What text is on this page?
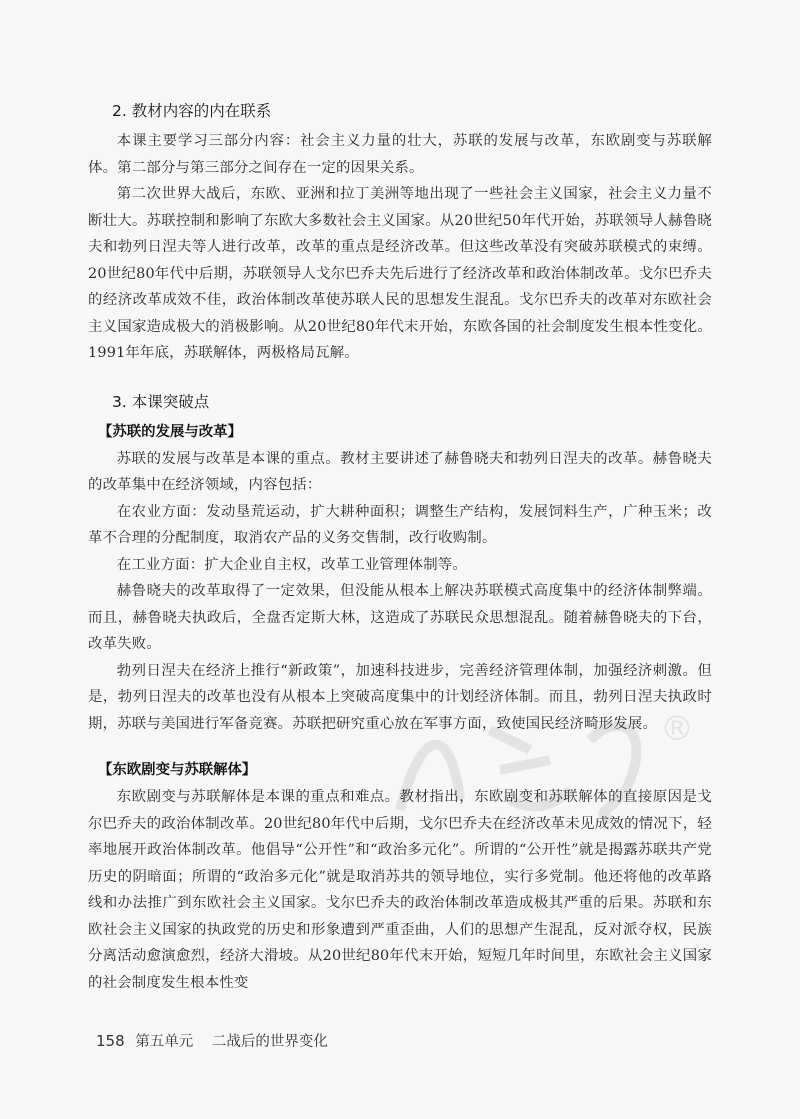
®
2. 教材内容的内在联系

本课主要学习三部分内容：社会主义力量的壮大，苏联的发展与改革，东欧剧变与苏联解体。第二部分与第三部分之间存在一定的因果关系。

第二次世界大战后，东欧、亚洲和拉丁美洲等地出现了一些社会主义国家，社会主义力量不断壮大。苏联控制和影响了东欧大多数社会主义国家。从20世纪50年代开始，苏联领导人赫鲁晓夫和勃列日涅夫等人进行改革，改革的重点是经济改革。但这些改革没有突破苏联模式的束缚。20世纪80年代中后期，苏联领导人戈尔巴乔夫先后进行了经济改革和政治体制改革。戈尔巴乔夫的经济改革成效不佳，政治体制改革使苏联人民的思想发生混乱。戈尔巴乔夫的改革对东欧社会主义国家造成极大的消极影响。从20世纪80年代末开始，东欧各国的社会制度发生根本性变化。1991年年底，苏联解体，两极格局瓦解。

3. 本课突破点
【苏联的发展与改革】

苏联的发展与改革是本课的重点。教材主要讲述了赫鲁晓夫和勃列日涅夫的改革。赫鲁晓夫的改革集中在经济领域，内容包括：

在农业方面：发动垦荒运动，扩大耕种面积；调整生产结构，发展饲料生产，广种玉米；改革不合理的分配制度，取消农产品的义务交售制，改行收购制。

在工业方面：扩大企业自主权，改革工业管理体制等。

赫鲁晓夫的改革取得了一定效果，但没能从根本上解决苏联模式高度集中的经济体制弊端。而且，赫鲁晓夫执政后，全盘否定斯大林，这造成了苏联民众思想混乱。随着赫鲁晓夫的下台，改革失败。

勃列日涅夫在经济上推行“新政策”，加速科技进步，完善经济管理体制，加强经济刺激。但是，勃列日涅夫的改革也没有从根本上突破高度集中的计划经济体制。而且，勃列日涅夫执政时期，苏联与美国进行军备竞赛。苏联把研究重心放在军事方面，致使国民经济畸形发展。

【东欧剧变与苏联解体】

东欧剧变与苏联解体是本课的重点和难点。教材指出，东欧剧变和苏联解体的直接原因是戈尔巴乔夫的政治体制改革。20世纪80年代中后期，戈尔巴乔夫在经济改革未见成效的情况下，轻率地展开政治体制改革。他倡导“公开性”和“政治多元化”。所谓的“公开性”就是揭露苏联共产党历史的阴暗面；所谓的“政治多元化”就是取消苏共的领导地位，实行多党制。他还将他的改革路线和办法推广到东欧社会主义国家。戈尔巴乔夫的政治体制改革造成极其严重的后果。苏联和东欧社会主义国家的执政党的历史和形象遭到严重歪曲，人们的思想产生混乱，反对派夺权，民族分离活动愈演愈烈，经济大滑坡。从20世纪80年代末开始，短短几年时间里，东欧社会主义国家的社会制度发生根本性变

158 第五单元 二战后的世界变化
